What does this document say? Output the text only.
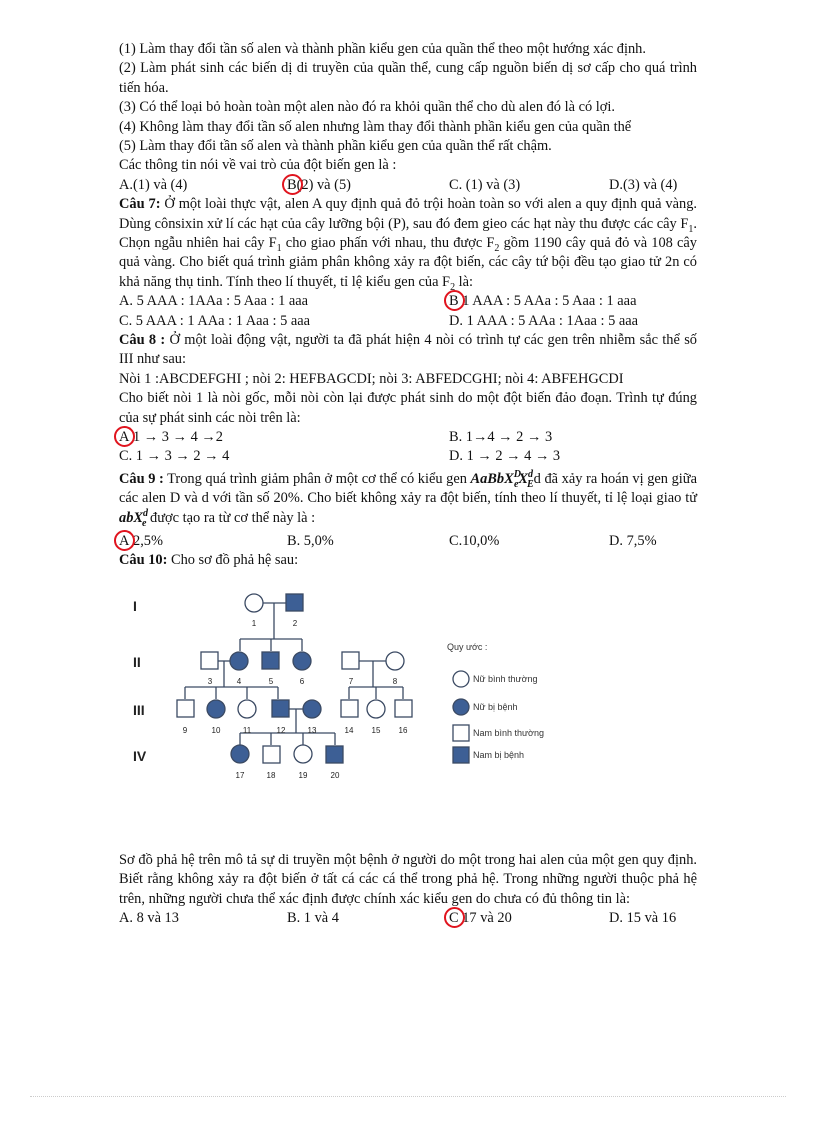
(1) Làm thay đổi tần số alen và thành phần kiểu gen của quần thể theo một hướng xác định.

(2) Làm phát sinh các biến dị di truyền của quần thể, cung cấp nguồn biến dị sơ cấp cho quá trình tiến hóa.

(3) Có thể loại bỏ hoàn toàn một alen nào đó ra khỏi quần thể cho dù alen đó là có lợi.

(4) Không làm thay đổi tần số alen nhưng làm thay đổi thành phần kiểu gen của quần thể

(5) Làm thay đổi tần số alen và thành phần kiểu gen của quần thể rất chậm.

Các thông tin nói về vai trò của đột biến gen là :

A.(1) và (4)	B(2) và (5)	C. (1) và (3)	D.(3) và (4)

Câu 7: Ở một loài thực vật, alen A quy định quả đỏ trội hoàn toàn so với alen a quy định quả vàng. Dùng cônsixin xử lí các hạt của cây lưỡng bội (P), sau đó đem gieo các hạt này thu được các cây $F_1$. Chọn ngẫu nhiên hai cây $F_1$ cho giao phấn với nhau, thu được $F_2$ gồm 1190 cây quả đỏ và 108 cây quả vàng. Cho biết quá trình giảm phân không xảy ra đột biến, các cây tứ bội đều tạo giao tử 2n có khả năng thụ tinh. Tính theo lí thuyết, tỉ lệ kiểu gen của $F_2$ là:

A. 5 AAA : 1AAa : 5 Aaa : 1 aaa	B 1 AAA : 5 AAa : 5 Aaa : 1 aaa
C. 5 AAA : 1 AAa : 1 Aaa : 5 aaa	D. 1 AAA : 5 AAa : 1Aaa : 5 aaa

Câu 8 : Ở một loài động vật, người ta đã phát hiện 4 nòi có trình tự các gen trên nhiễm sắc thể số III như sau:

Nòi 1 :ABCDEFGHI ; nòi 2: HEFBAGCDI; nòi 3: ABFEDCGHI; nòi 4: ABFEHGCDI

Cho biết nòi 1 là nòi gốc, mỗi nòi còn lại được phát sinh do một đột biến đảo đoạn. Trình tự đúng của sự phát sinh các nòi trên là:

A 1 → 3 → 4 →2	B. 1→4 → 2 → 3
C. 1 → 3 → 2 → 4	D. 1 → 2 → 4 → 3

Câu 9 : Trong quá trình giảm phân ở một cơ thể có kiểu gen $AaBbX^D_eX^d_Ed$ đã xảy ra hoán vị gen giữa các alen D và d với tần số 20%. Cho biết không xảy ra đột biến, tính theo lí thuyết, tỉ lệ loại giao tử abX$^d_e$ được tạo ra từ cơ thể này là :

A 2,5%	B. 5,0%	C.10,0%	D. 7,5%

Câu 10: Cho sơ đồ phả hệ sau:

I
II
III
IV
1	2
3	4	5	6	7	8
9	10	11	12	13	14 15 16
17	18	19	20
Quy ước :
Nữ bình thường
Nữ bị bệnh
Nam bình thường
Nam bị bệnh

Sơ đồ phả hệ trên mô tả sự di truyền một bệnh ở người do một trong hai alen của một gen quy định. Biết rằng không xảy ra đột biến ở tất cá các cá thể trong phả hệ. Trong những người thuộc phả hệ trên, những người chưa thể xác định được chính xác kiểu gen do chưa có đủ thông tin là:

A. 8 và 13	B. 1 và 4	C 17 và 20	D. 15 và 16
